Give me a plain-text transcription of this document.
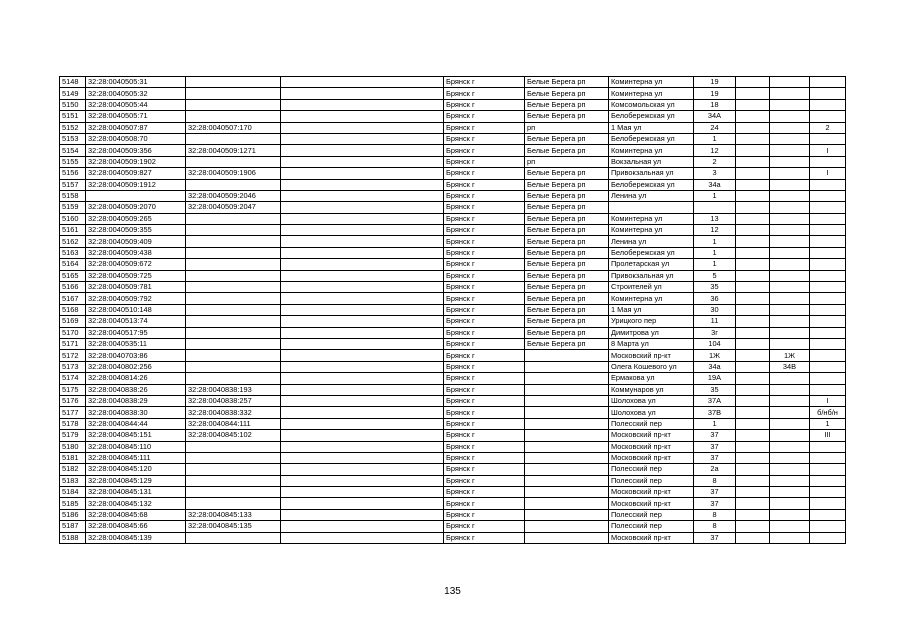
5148	32:28:0040505:31			Брянск г	Белые Берега рп	Коминтерна ул	19			
5149	32:28:0040505:32			Брянск г	Белые Берега рп	Коминтерна ул	19			
5150	32:28:0040505:44			Брянск г	Белые Берега рп	Комсомольская ул	18			
5151	32:28:0040505:71			Брянск г	Белые Берега рп	Белобережская ул	34А			
5152	32:28:0040507:87	32:28:0040507:170		Брянск г	рп	1 Мая ул	24			2
5153	32:28:0040508:70			Брянск г	Белые Берега рп	Белобережская ул	1			
5154	32:28:0040509:356	32:28:0040509:1271		Брянск г	Белые Берега рп	Коминтерна ул	12			I
5155	32:28:0040509:1902			Брянск г	рп	Вокзальная ул	2			
5156	32:28:0040509:827	32:28:0040509:1906		Брянск г	Белые Берега рп	Привокзальная ул	3			I
5157	32:28:0040509:1912			Брянск г	Белые Берега рп	Белобережская ул	34а			
5158		32:28:0040509:2046		Брянск г	Белые Берега рп	Ленина ул	1			
5159	32:28:0040509:2070	32:28:0040509:2047		Брянск г	Белые Берега рп					
5160	32:28:0040509:265			Брянск г	Белые Берега рп	Коминтерна ул	13			
5161	32:28:0040509:355			Брянск г	Белые Берега рп	Коминтерна ул	12			
5162	32:28:0040509:409			Брянск г	Белые Берега рп	Ленина ул	1			
5163	32:28:0040509:438			Брянск г	Белые Берега рп	Белобережская ул	1			
5164	32:28:0040509:672			Брянск г	Белые Берега рп	Пролетарская ул	1			
5165	32:28:0040509:725			Брянск г	Белые Берега рп	Привокзальная ул	5			
5166	32:28:0040509:781			Брянск г	Белые Берега рп	Строителей ул	35			
5167	32:28:0040509:792			Брянск г	Белые Берега рп	Коминтерна ул	36			
5168	32:28:0040510:148			Брянск г	Белые Берега рп	1 Мая ул	30			
5169	32:28:0040513:74			Брянск г	Белые Берега рп	Урицкого пер	11			
5170	32:28:0040517:95			Брянск г	Белые Берега рп	Димитрова ул	3г			
5171	32:28:0040535:11			Брянск г	Белые Берега рп	8 Марта ул	104			
5172	32:28:0040703:86			Брянск г		Московский пр-кт	1Ж		1Ж	
5173	32:28:0040802:256			Брянск г		Олега Кошевого ул	34а		34В	
5174	32:28:0040814:26			Брянск г		Ермакова ул	19А			
5175	32:28:0040838:26	32:28:0040838:193		Брянск г		Коммунаров ул	35			
5176	32:28:0040838:29	32:28:0040838:257		Брянск г		Шолохова ул	37А			I
5177	32:28:0040838:30	32:28:0040838:332		Брянск г		Шолохова ул	37В			б/нб/н
5178	32:28:0040844:44	32:28:0040844:111		Брянск г		Полесский пер	1			1
5179	32:28:0040845:151	32:28:0040845:102		Брянск г		Московский пр-кт	37			III
5180	32:28:0040845:110			Брянск г		Московский пр-кт	37			
5181	32:28:0040845:111			Брянск г		Московский пр-кт	37			
5182	32:28:0040845:120			Брянск г		Полесский пер	2а			
5183	32:28:0040845:129			Брянск г		Полесский пер	8			
5184	32:28:0040845:131			Брянск г		Московский пр-кт	37			
5185	32:28:0040845:132			Брянск г		Московский пр-кт	37			
5186	32:28:0040845:68	32:28:0040845:133		Брянск г		Полесский пер	8			
5187	32:28:0040845:66	32:28:0040845:135		Брянск г		Полесский пер	8			
5188	32:28:0040845:139			Брянск г		Московский пр-кт	37			
135
